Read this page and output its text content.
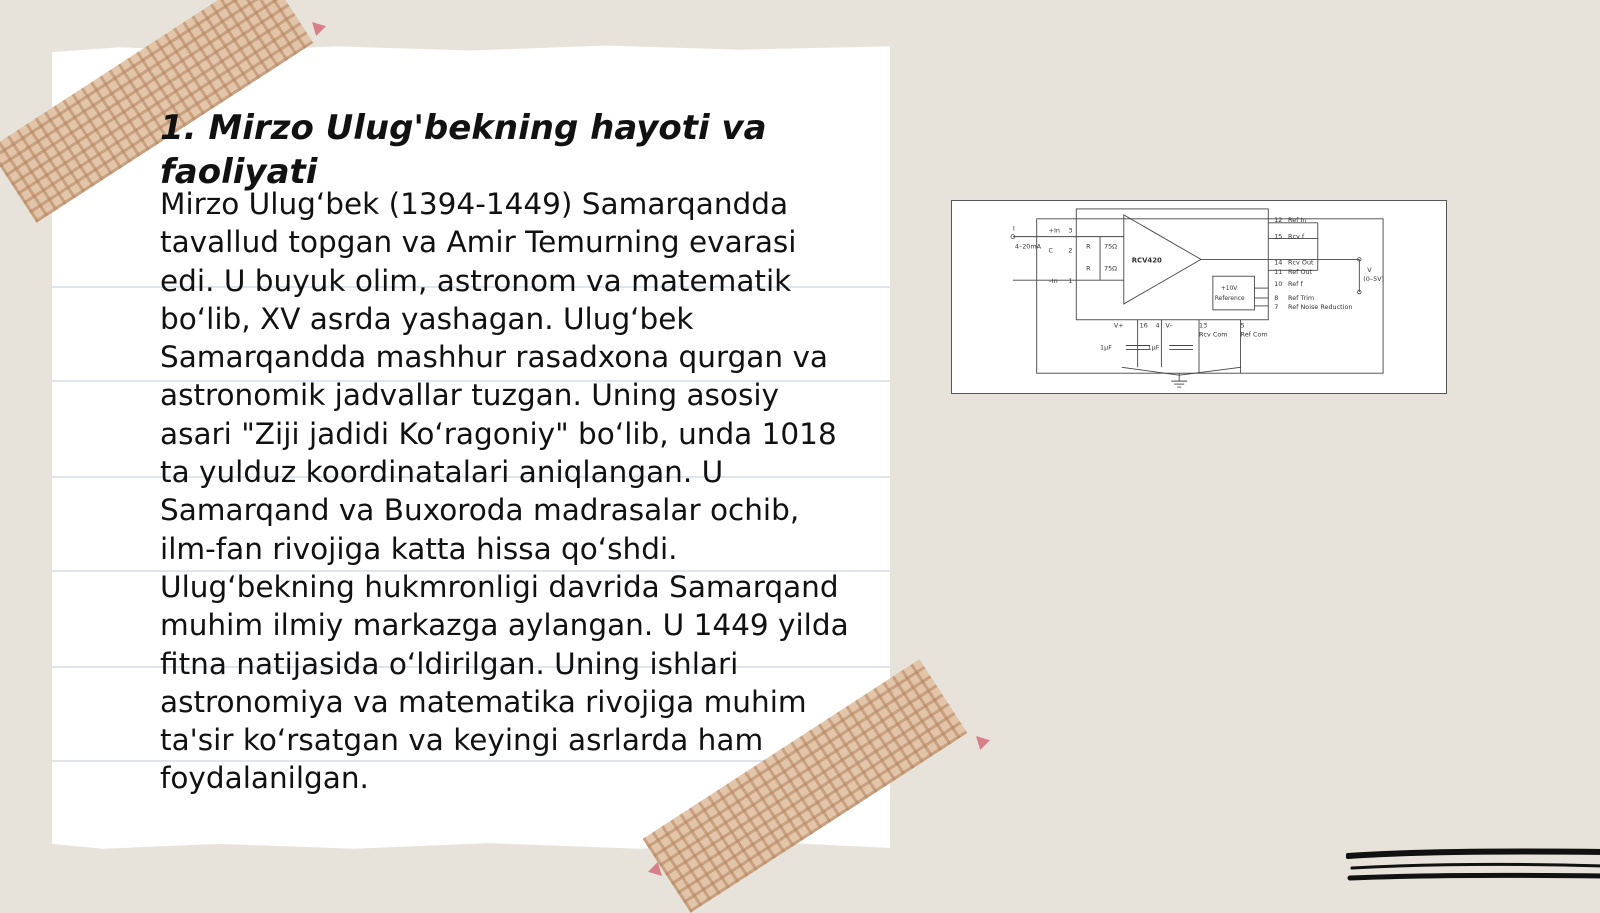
1. Mirzo Ulug'bekning hayoti va faoliyati

Mirzo Ulug‘bek (1394-1449) Samarqandda tavallud topgan va Amir Temurning evarasi edi. U buyuk olim, astronom va matematik bo‘lib, XV asrda yashagan. Ulug‘bek Samarqandda mashhur rasadxona qurgan va astronomik jadvallar tuzgan. Uning asosiy asari "Ziji jadidi Ko‘ragoniy" bo‘lib, unda 1018 ta yulduz koordinatalari aniqlangan. U Samarqand va Buxoroda madrasalar ochib, ilm-fan rivojiga katta hissa qo‘shdi. Ulug‘bekning hukmronligi davrida Samarqand muhim ilmiy markazga aylangan. U 1449 yilda fitna natijasida o‘ldirilgan. Uning ishlari astronomiya va matematika rivojiga muhim ta'sir ko‘rsatgan va keyingi asrlarda ham foydalanilgan.

RCV420
+10V
Reference
I
4–20mA
+In
C
–In
3
2
1
R 75Ω
R 75Ω
12 Ref In
15 Rcv f
14 Rcv Out
11 Ref Out
10 Ref f
8 Ref Trim
7 Ref Noise Reduction
V
(0–5V)
16
V+	4 V–	13
Rcv Com
5
Ref Com
1µF	1µF
